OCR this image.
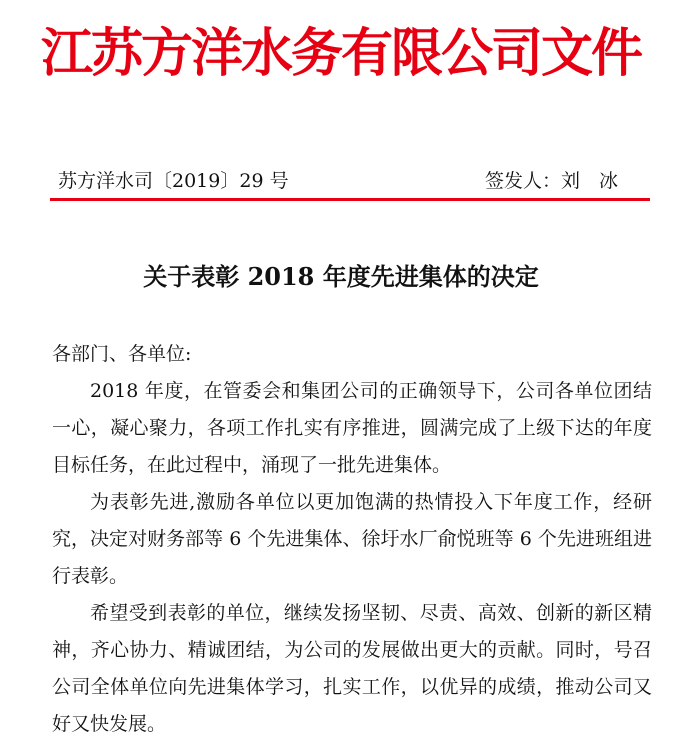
江苏方洋水务有限公司文件
苏方洋水司〔2019〕29 号	签发人：刘　冰
关于表彰 2018 年度先进集体的决定

各部门、各单位:

2018 年度，在管委会和集团公司的正确领导下，公司各单位团结一心，凝心聚力，各项工作扎实有序推进，圆满完成了上级下达的年度目标任务，在此过程中，涌现了一批先进集体。

为表彰先进,激励各单位以更加饱满的热情投入下年度工作，经研究，决定对财务部等 6 个先进集体、徐圩水厂俞悦班等 6 个先进班组进行表彰。

希望受到表彰的单位，继续发扬坚韧、尽责、高效、创新的新区精神，齐心协力、精诚团结，为公司的发展做出更大的贡献。同时，号召公司全体单位向先进集体学习，扎实工作，以优异的成绩，推动公司又好又快发展。
